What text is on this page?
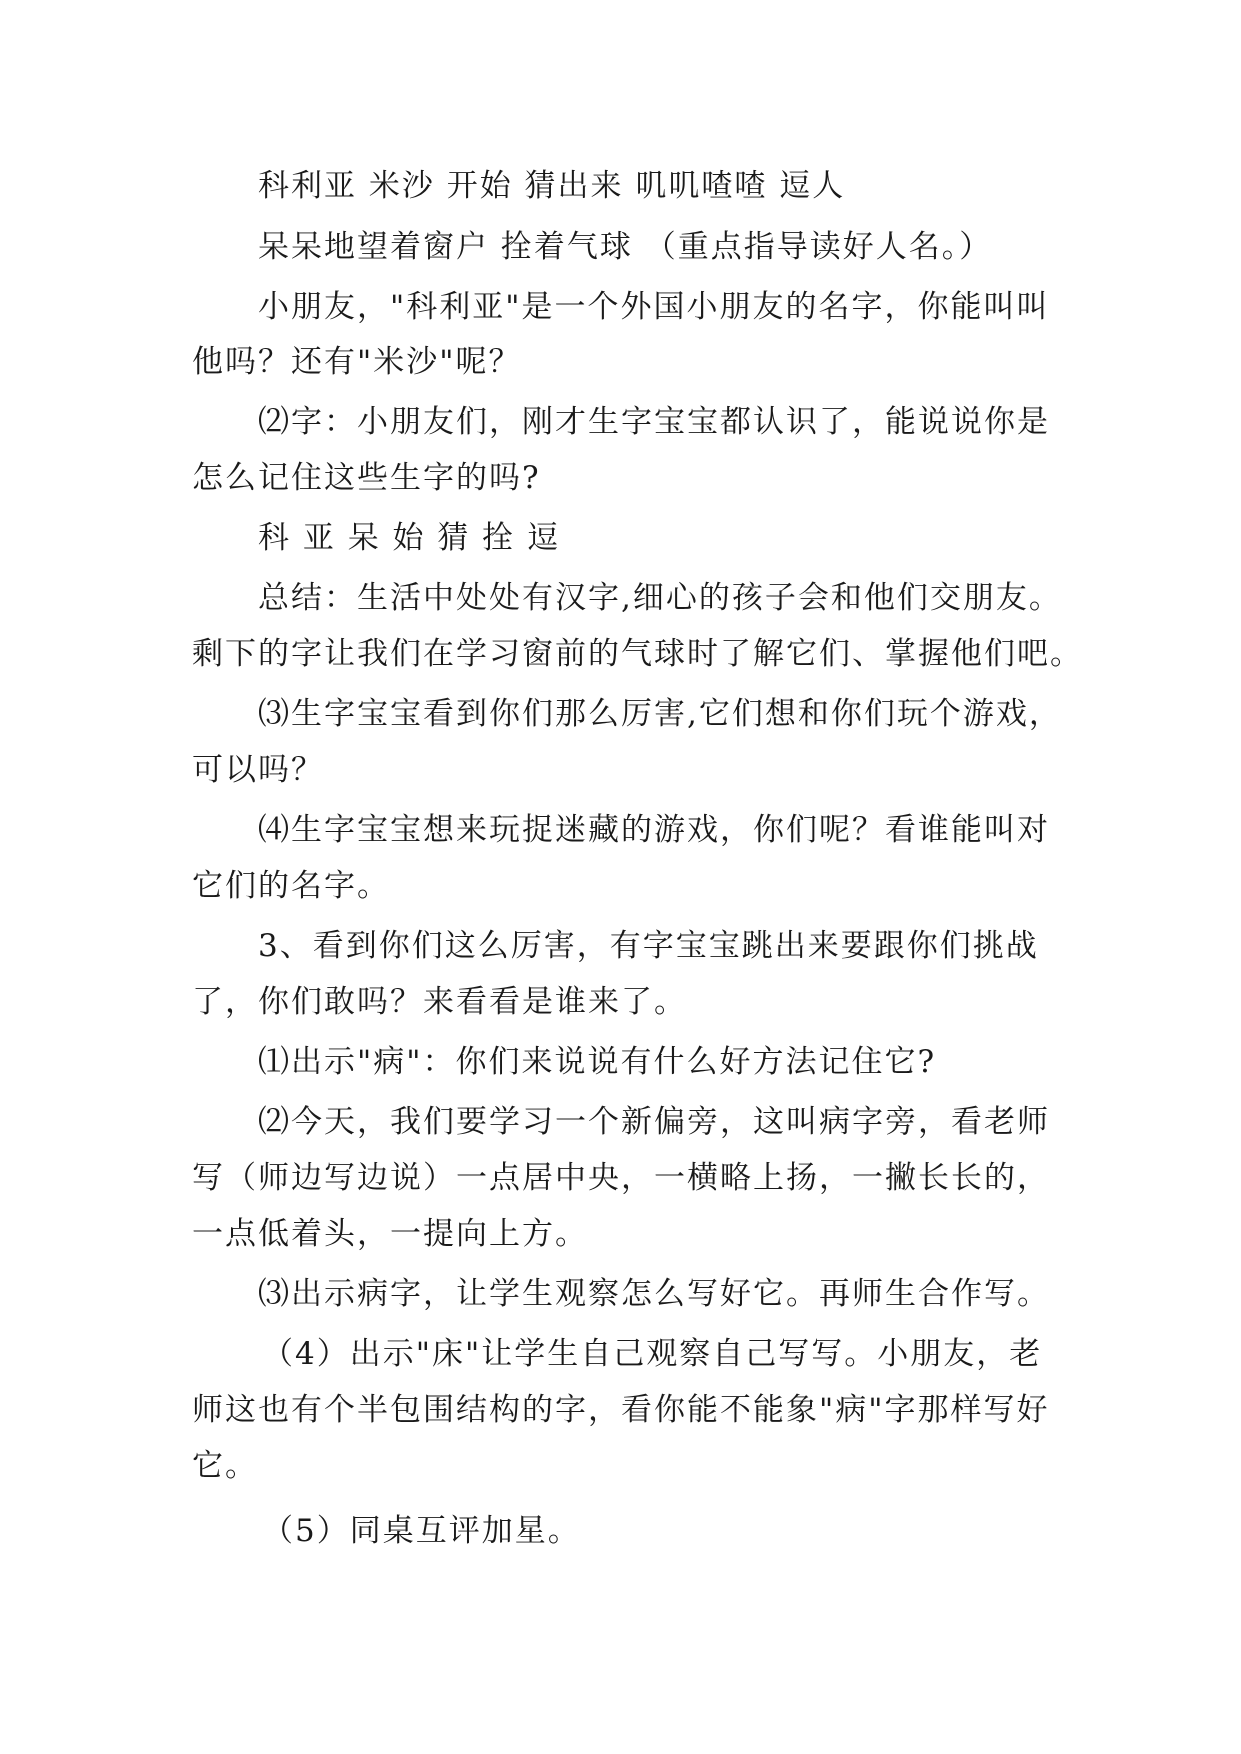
科利亚 米沙 开始 猜出来 叽叽喳喳 逗人

呆呆地望着窗户 拴着气球 （重点指导读好人名。）

小朋友，"科利亚"是一个外国小朋友的名字，你能叫叫

他吗？还有"米沙"呢？

⑵字：小朋友们，刚才生字宝宝都认识了，能说说你是

怎么记住这些生字的吗?

科 亚 呆 始 猜 拴 逗

总结：生活中处处有汉字,细心的孩子会和他们交朋友。

剩下的字让我们在学习窗前的气球时了解它们、掌握他们吧。

⑶生字宝宝看到你们那么厉害,它们想和你们玩个游戏，

可以吗？

⑷生字宝宝想来玩捉迷藏的游戏，你们呢？看谁能叫对

它们的名字。

3、看到你们这么厉害，有字宝宝跳出来要跟你们挑战

了，你们敢吗？来看看是谁来了。

⑴出示"病"：你们来说说有什么好方法记住它?

⑵今天，我们要学习一个新偏旁，这叫病字旁，看老师

写（师边写边说）一点居中央，一横略上扬，一撇长长的，

一点低着头，一提向上方。

⑶出示病字，让学生观察怎么写好它。再师生合作写。

（4）出示"床"让学生自己观察自己写写。小朋友，老

师这也有个半包围结构的字，看你能不能象"病"字那样写好

它。

（5）同桌互评加星。
